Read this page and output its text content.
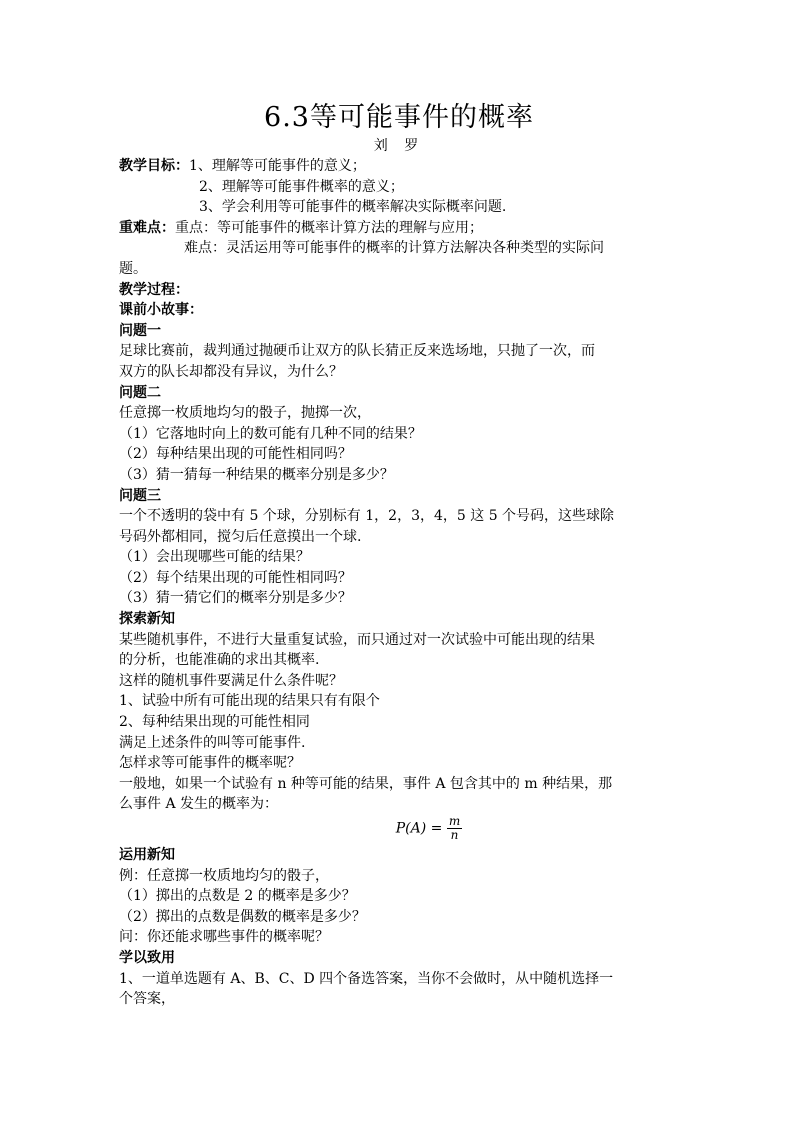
6.3等可能事件的概率
刘 罗
教学目标：1、理解等可能事件的意义；
2、理解等可能事件概率的意义；
3、学会利用等可能事件的概率解决实际概率问题.
重难点：重点：等可能事件的概率计算方法的理解与应用；
难点：灵活运用等可能事件的概率的计算方法解决各种类型的实际问
题。
教学过程：
课前小故事：
问题一
足球比赛前，裁判通过抛硬币让双方的队长猜正反来选场地，只抛了一次，而
双方的队长却都没有异议，为什么？
问题二
任意掷一枚质地均匀的骰子，抛掷一次，
（1）它落地时向上的数可能有几种不同的结果？
（2）每种结果出现的可能性相同吗？
（3）猜一猜每一种结果的概率分别是多少？
问题三
一个不透明的袋中有 5 个球，分别标有 1，2，3，4，5 这 5 个号码，这些球除
号码外都相同，搅匀后任意摸出一个球.
（1）会出现哪些可能的结果？
（2）每个结果出现的可能性相同吗？
（3）猜一猜它们的概率分别是多少？
探索新知
某些随机事件，不进行大量重复试验，而只通过对一次试验中可能出现的结果
的分析，也能准确的求出其概率.
这样的随机事件要满足什么条件呢？
1、试验中所有可能出现的结果只有有限个
2、每种结果出现的可能性相同
满足上述条件的叫等可能事件.
怎样求等可能事件的概率呢？
一般地，如果一个试验有 n 种等可能的结果，事件 A 包含其中的 m 种结果，那
么事件 A 发生的概率为：
$P(A) = \frac{m}{n}$
运用新知
例：任意掷一枚质地均匀的骰子，
（1）掷出的点数是 2 的概率是多少？
（2）掷出的点数是偶数的概率是多少？
问：你还能求哪些事件的概率呢？
学以致用
1、一道单选题有 A、B、C、D 四个备选答案，当你不会做时，从中随机选择一
个答案，
